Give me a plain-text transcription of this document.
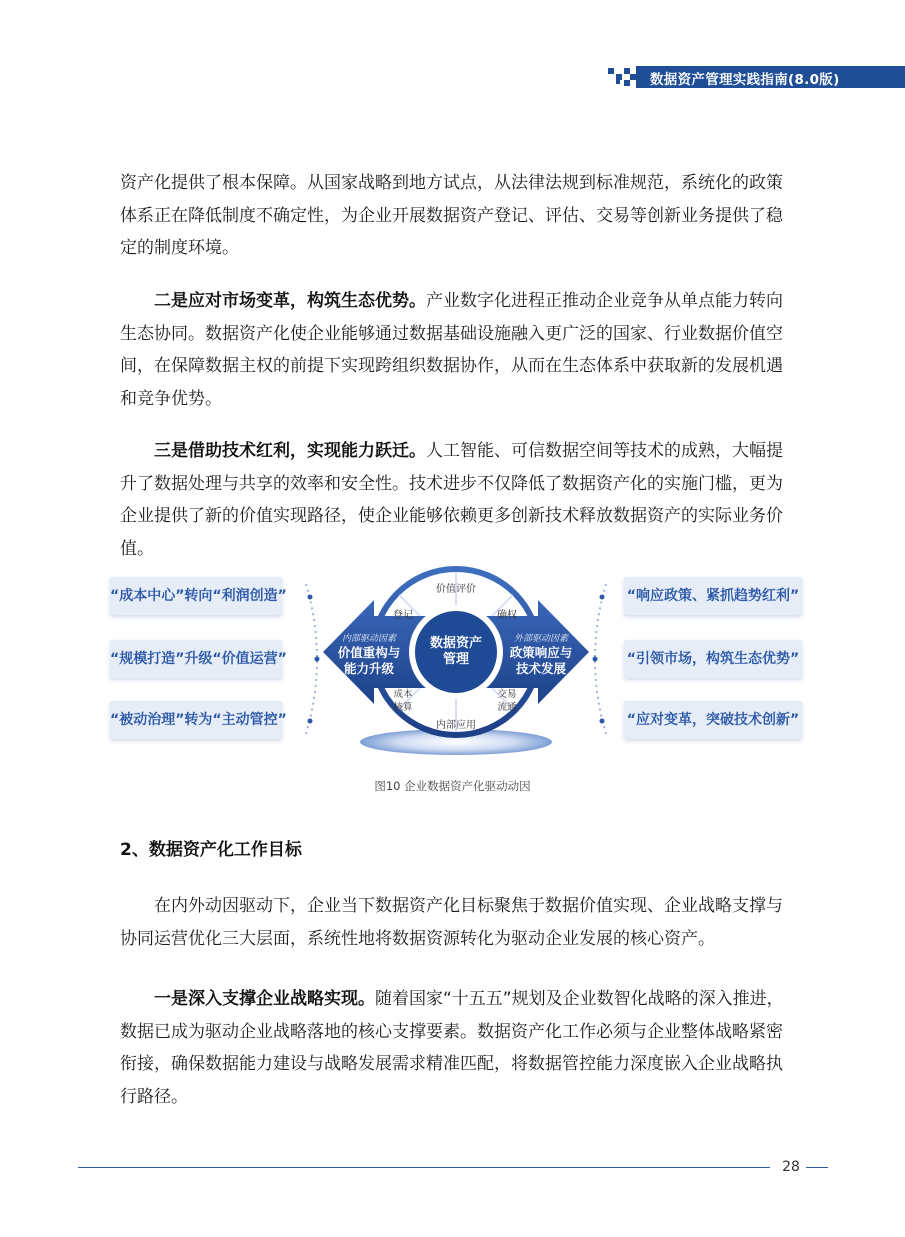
数据资产管理实践指南(8.0版)

资产化提供了根本保障。从国家战略到地方试点，从法律法规到标准规范，系统化的政策体系正在降低制度不确定性，为企业开展数据资产登记、评估、交易等创新业务提供了稳定的制度环境。

二是应对市场变革，构筑生态优势。产业数字化进程正推动企业竞争从单点能力转向生态协同。数据资产化使企业能够通过数据基础设施融入更广泛的国家、行业数据价值空间，在保障数据主权的前提下实现跨组织数据协作，从而在生态体系中获取新的发展机遇和竞争优势。

三是借助技术红利，实现能力跃迁。人工智能、可信数据空间等技术的成熟，大幅提升了数据处理与共享的效率和安全性。技术进步不仅降低了数据资产化的实施门槛，更为企业提供了新的价值实现路径，使企业能够依赖更多创新技术释放数据资产的实际业务价值。

“成本中心”转向“利润创造”
“规模打造”升级“价值运营”
“被动治理”转为“主动管控”
“响应政策、紧抓趋势红利”
“引领市场，构筑生态优势”
“应对变革，突破技术创新”
价值评价
确权
登记
成本
核算
交易
流通
内部应用
数据资产
管理
内部驱动因素
价值重构与
能力升级
外部驱动因素
政策响应与
技术发展
图10 企业数据资产化驱动动因
2、数据资产化工作目标

在内外动因驱动下，企业当下数据资产化目标聚焦于数据价值实现、企业战略支撑与协同运营优化三大层面，系统性地将数据资源转化为驱动企业发展的核心资产。

一是深入支撑企业战略实现。随着国家“十五五”规划及企业数智化战略的深入推进，数据已成为驱动企业战略落地的核心支撑要素。数据资产化工作必须与企业整体战略紧密衔接，确保数据能力建设与战略发展需求精准匹配，将数据管控能力深度嵌入企业战略执行路径。

28
